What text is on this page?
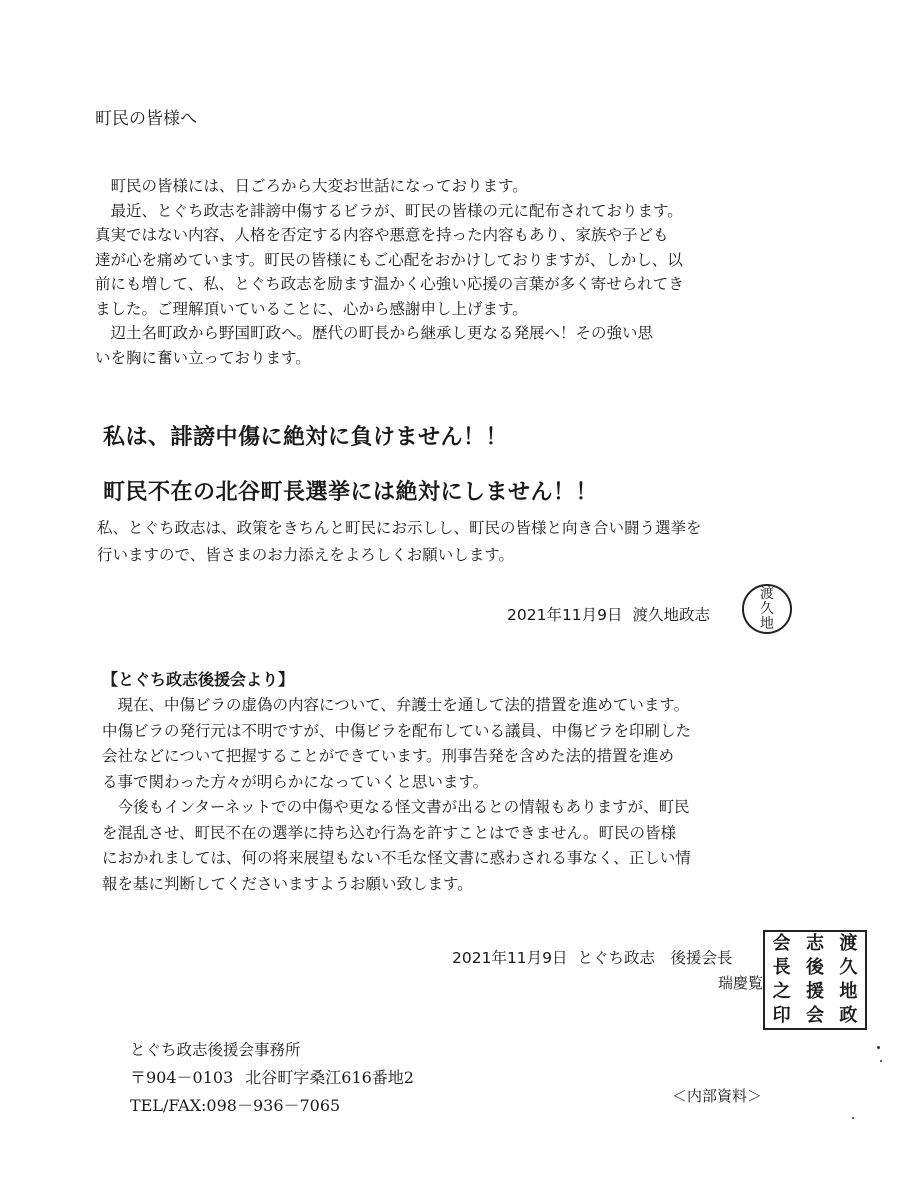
町民の皆様へ

町民の皆様には、日ごろから大変お世話になっております。

最近、とぐち政志を誹謗中傷するビラが、町民の皆様の元に配布されております。

真実ではない内容、人格を否定する内容や悪意を持った内容もあり、家族や子ども

達が心を痛めています。町民の皆様にもご心配をおかけしておりますが、しかし、以

前にも増して、私、とぐち政志を励ます温かく心強い応援の言葉が多く寄せられてき

ました。ご理解頂いていることに、心から感謝申し上げます。

辺土名町政から野国町政へ。歴代の町長から継承し更なる発展へ！その強い思

いを胸に奮い立っております。

私は、誹謗中傷に絶対に負けません！！
町民不在の北谷町長選挙には絶対にしません！！

私、とぐち政志は、政策をきちんと町民にお示しし、町民の皆様と向き合い闘う選挙を

行いますので、皆さまのお力添えをよろしくお願いします。

2021年11月9日 渡久地政志
渡
久
地
【とぐち政志後援会より】

現在、中傷ビラの虚偽の内容について、弁護士を通して法的措置を進めています。

中傷ビラの発行元は不明ですが、中傷ビラを配布している議員、中傷ビラを印刷した

会社などについて把握することができています。刑事告発を含めた法的措置を進め

る事で関わった方々が明らかになっていくと思います。

今後もインターネットでの中傷や更なる怪文書が出るとの情報もありますが、町民

を混乱させ、町民不在の選挙に持ち込む行為を許すことはできません。町民の皆様

におかれましては、何の将来展望もない不毛な怪文書に惑わされる事なく、正しい情

報を基に判断してくださいますようお願い致します。

2021年11月9日 とぐち政志　後援会長
瑞慶覧
渡
久
地
政
志
後
援
会
会
長
之
印
とぐち政志後援会事務所
〒904－0103 北谷町字桑江616番地2
TEL/FAX:098－936－7065	＜内部資料＞
